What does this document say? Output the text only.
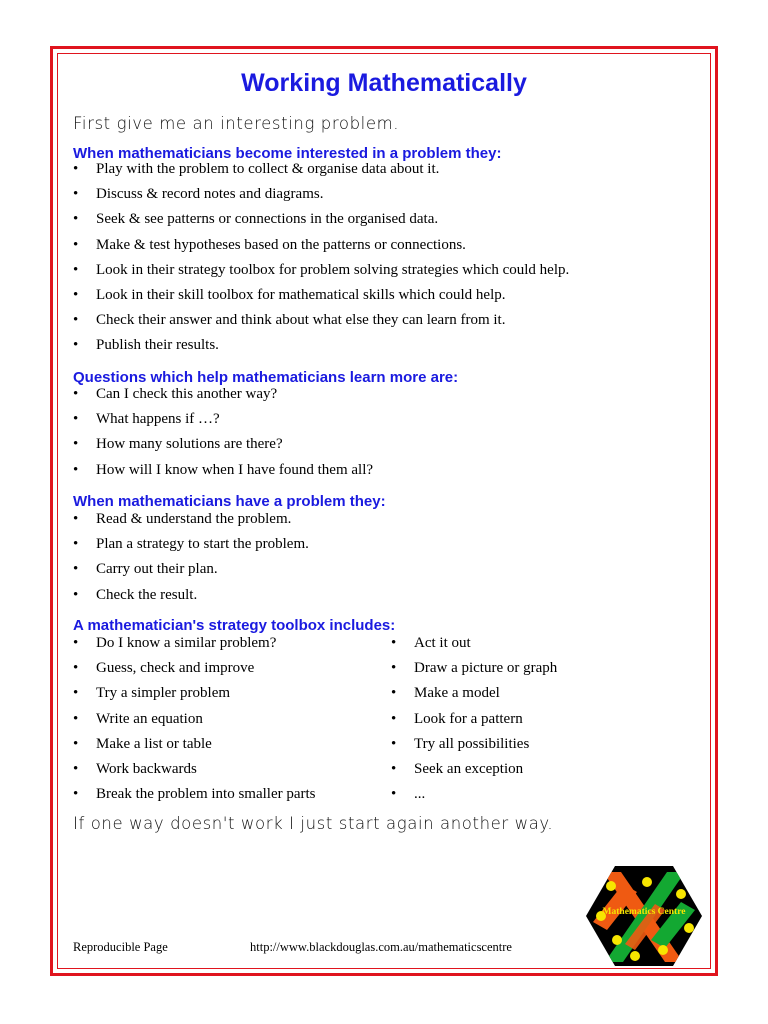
Working Mathematically
First give me an interesting problem.
When mathematicians become interested in a problem they:
• Play with the problem to collect & organise data about it.
• Discuss & record notes and diagrams.
• Seek & see patterns or connections in the organised data.
• Make & test hypotheses based on the patterns or connections.
• Look in their strategy toolbox for problem solving strategies which could help.
• Look in their skill toolbox for mathematical skills which could help.
• Check their answer and think about what else they can learn from it.
• Publish their results.
Questions which help mathematicians learn more are:
• Can I check this another way?
• What happens if …?
• How many solutions are there?
• How will I know when I have found them all?
When mathematicians have a problem they:
• Read & understand the problem.
• Plan a strategy to start the problem.
• Carry out their plan.
• Check the result.
A mathematician's strategy toolbox includes:
• Do I know a similar problem?
• Guess, check and improve
• Try a simpler problem
• Write an equation
• Make a list or table
• Work backwards
• Break the problem into smaller parts
• Act it out
• Draw a picture or graph
• Make a model
• Look for a pattern
• Try all possibilities
• Seek an exception
• ...
If one way doesn't work I just start again another way.
Mathematics Centre
Reproducible Page	http://www.blackdouglas.com.au/mathematicscentre
